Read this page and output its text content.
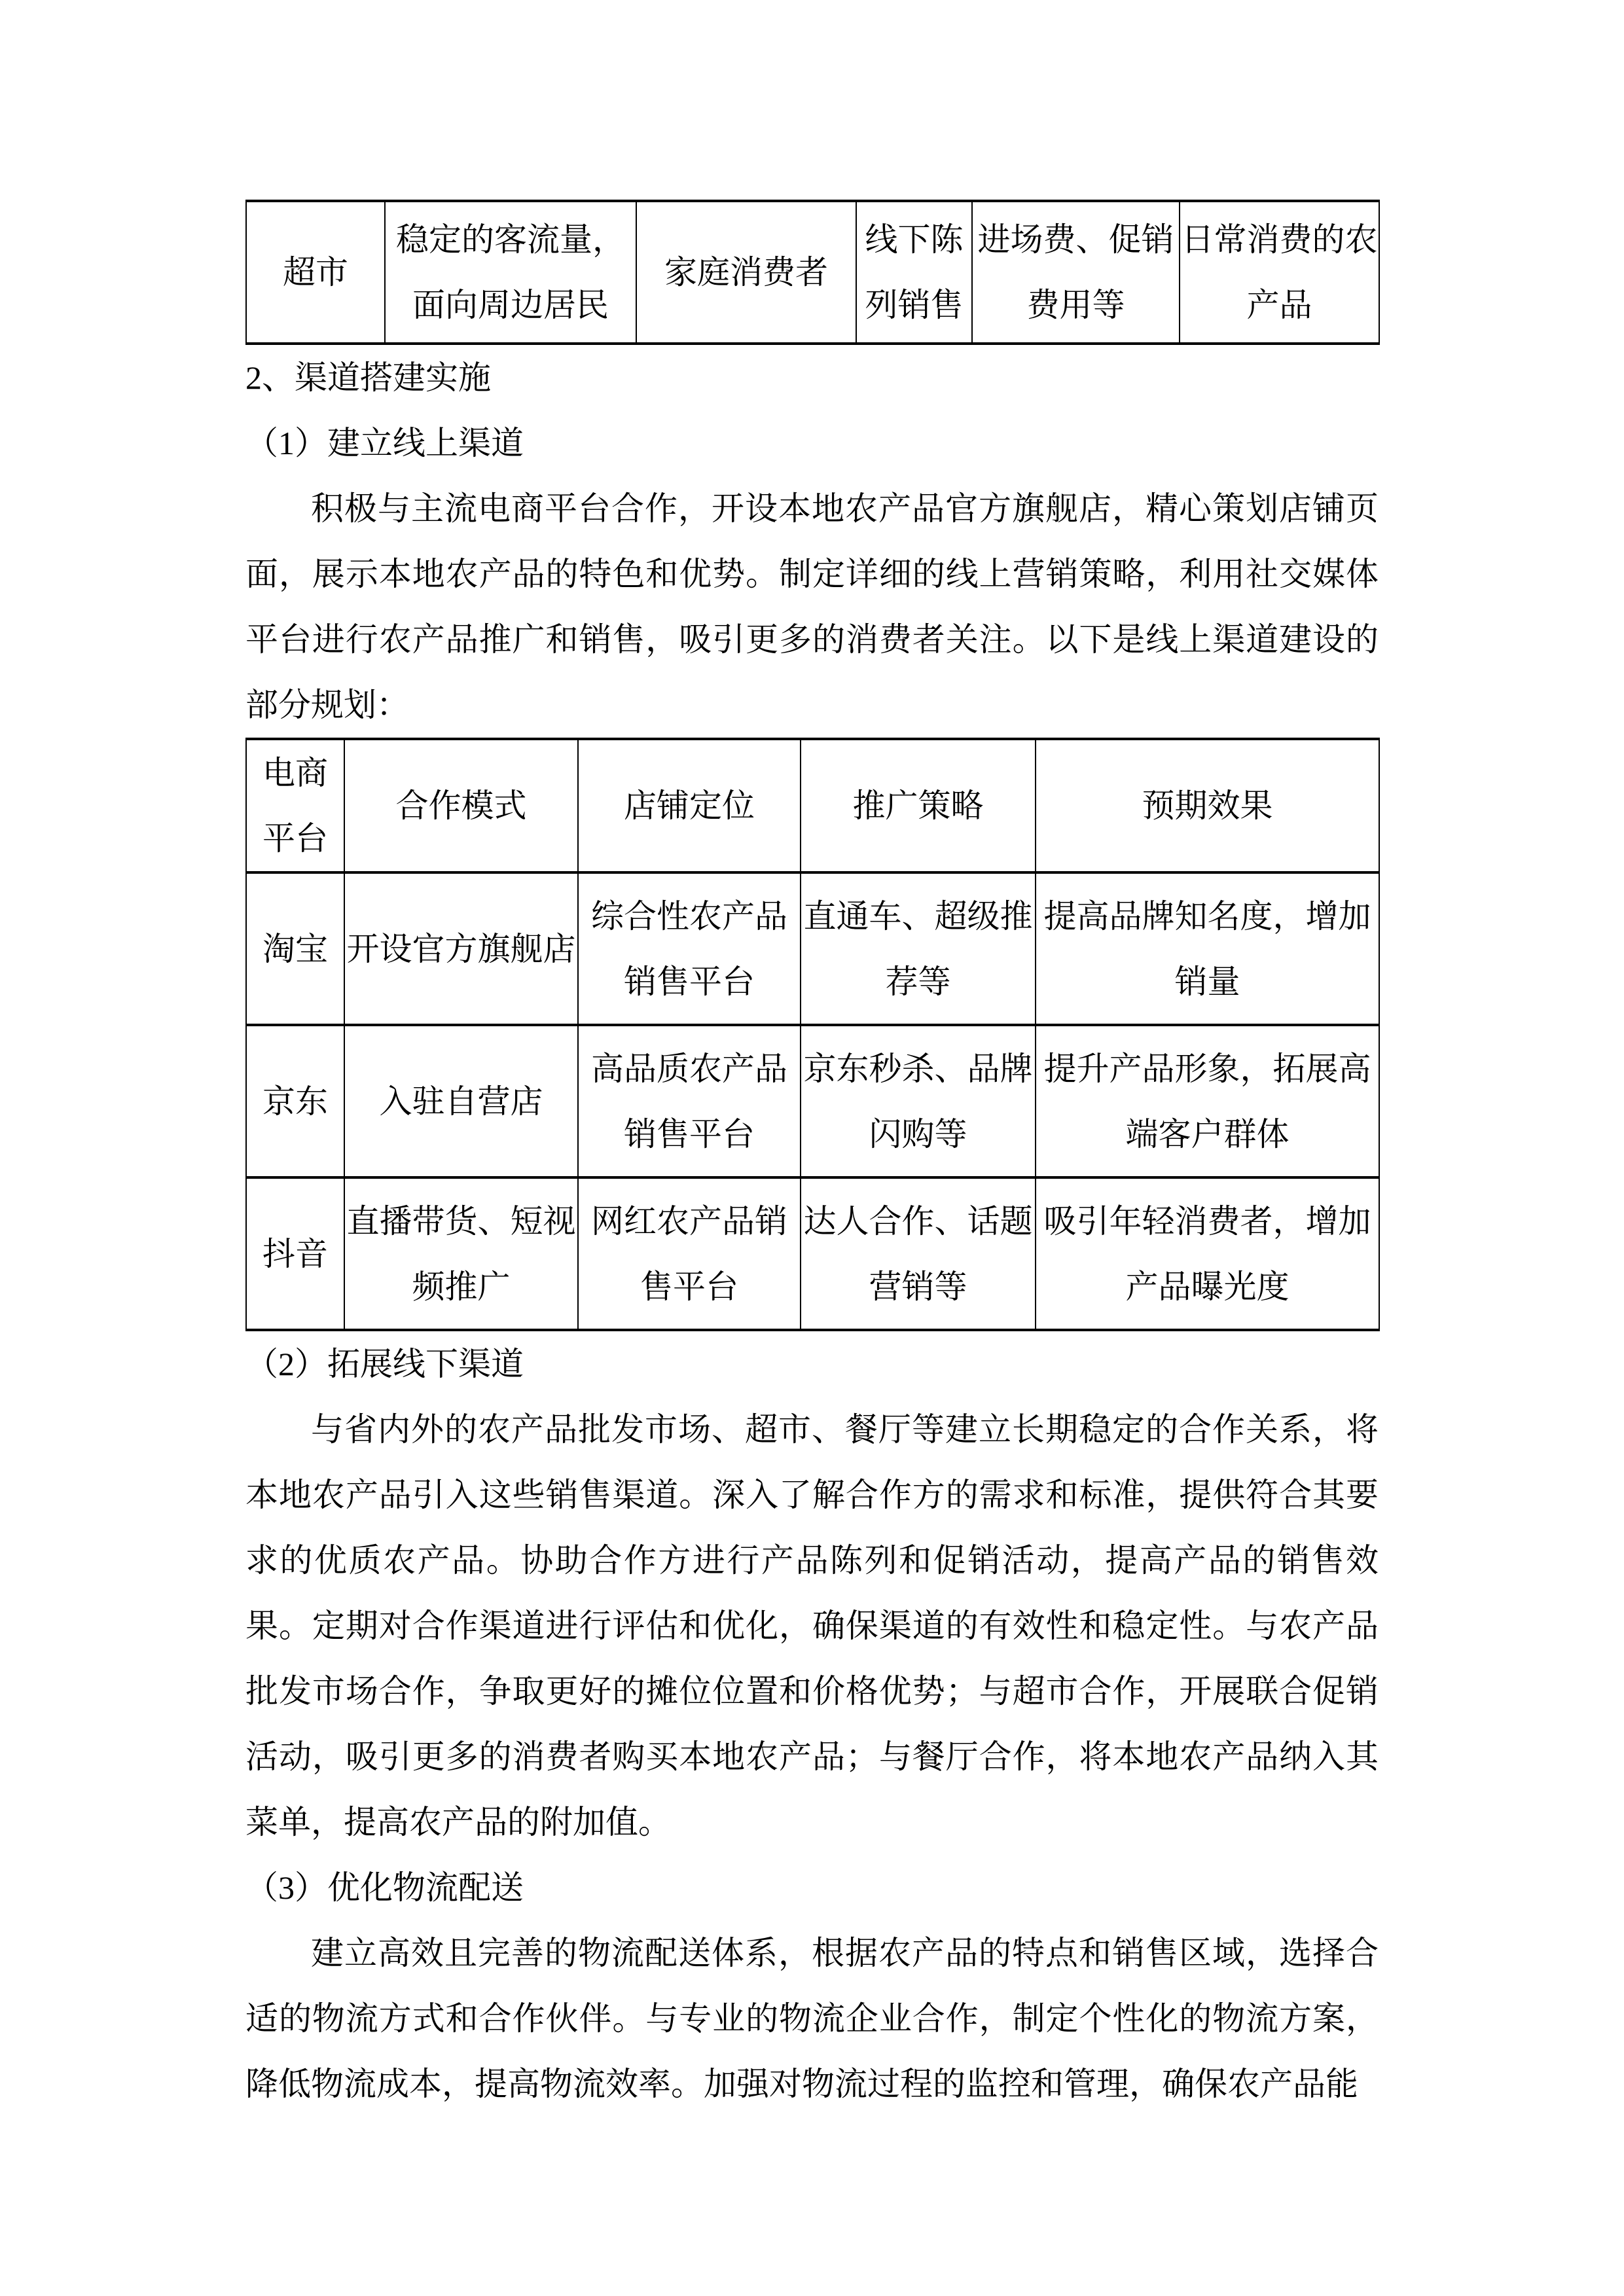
超市	稳定的客流量，面向周边居民	家庭消费者	线下陈列销售	进场费、促销费用等	日常消费的农产品
2、渠道搭建实施
（1）建立线上渠道

积极与主流电商平台合作，开设本地农产品官方旗舰店，精心策划店铺页面，展示本地农产品的特色和优势。制定详细的线上营销策略，利用社交媒体平台进行农产品推广和销售，吸引更多的消费者关注。以下是线上渠道建设的部分规划：

电商平台	合作模式	店铺定位	推广策略	预期效果
淘宝	开设官方旗舰店	综合性农产品销售平台	直通车、超级推荐等	提高品牌知名度，增加销量
京东	入驻自营店	高品质农产品销售平台	京东秒杀、品牌闪购等	提升产品形象，拓展高端客户群体
抖音	直播带货、短视频推广	网红农产品销售平台	达人合作、话题营销等	吸引年轻消费者，增加产品曝光度
（2）拓展线下渠道

与省内外的农产品批发市场、超市、餐厅等建立长期稳定的合作关系，将本地农产品引入这些销售渠道。深入了解合作方的需求和标准，提供符合其要求的优质农产品。协助合作方进行产品陈列和促销活动，提高产品的销售效果。定期对合作渠道进行评估和优化，确保渠道的有效性和稳定性。与农产品批发市场合作，争取更好的摊位位置和价格优势；与超市合作，开展联合促销活动，吸引更多的消费者购买本地农产品；与餐厅合作，将本地农产品纳入其菜单，提高农产品的附加值。

（3）优化物流配送

建立高效且完善的物流配送体系，根据农产品的特点和销售区域，选择合适的物流方式和合作伙伴。与专业的物流企业合作，制定个性化的物流方案，降低物流成本，提高物流效率。加强对物流过程的监控和管理，确保农产品能
